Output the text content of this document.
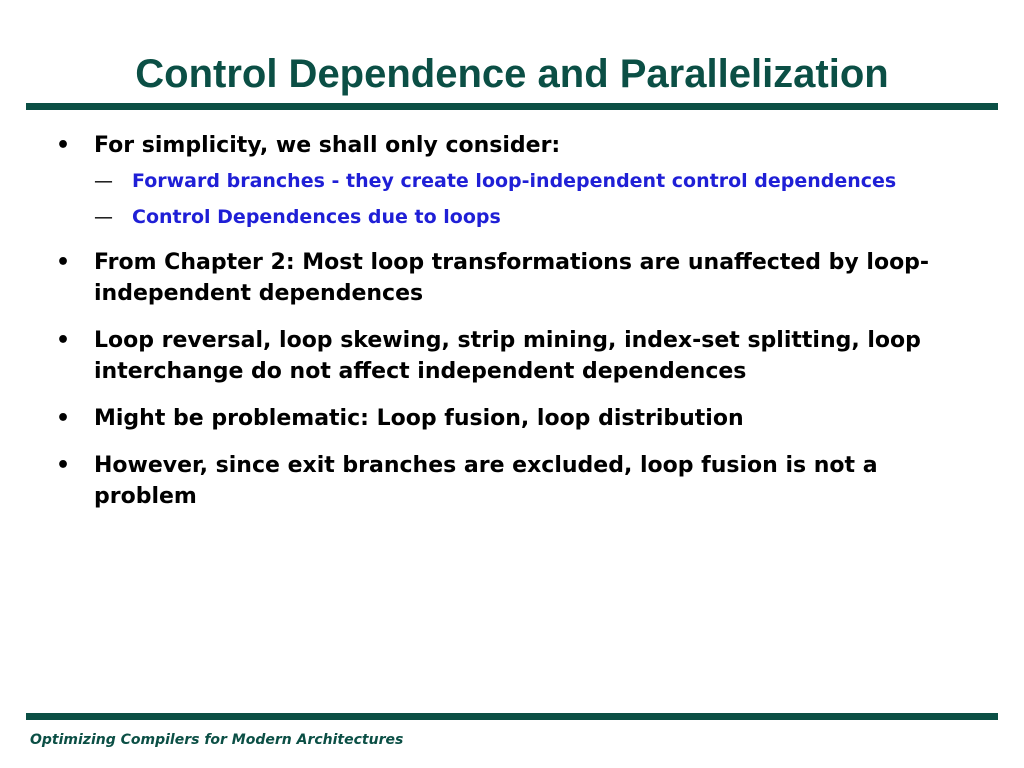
Control Dependence and Parallelization
• For simplicity, we shall only consider:
— Forward branches - they create loop-independent control dependences
— Control Dependences due to loops
• From Chapter 2: Most loop transformations are unaffected by loop-independent dependences
• Loop reversal, loop skewing, strip mining, index-set splitting, loop interchange do not affect independent dependences
• Might be problematic: Loop fusion, loop distribution
• However, since exit branches are excluded, loop fusion is not a problem
Optimizing Compilers for Modern Architectures
